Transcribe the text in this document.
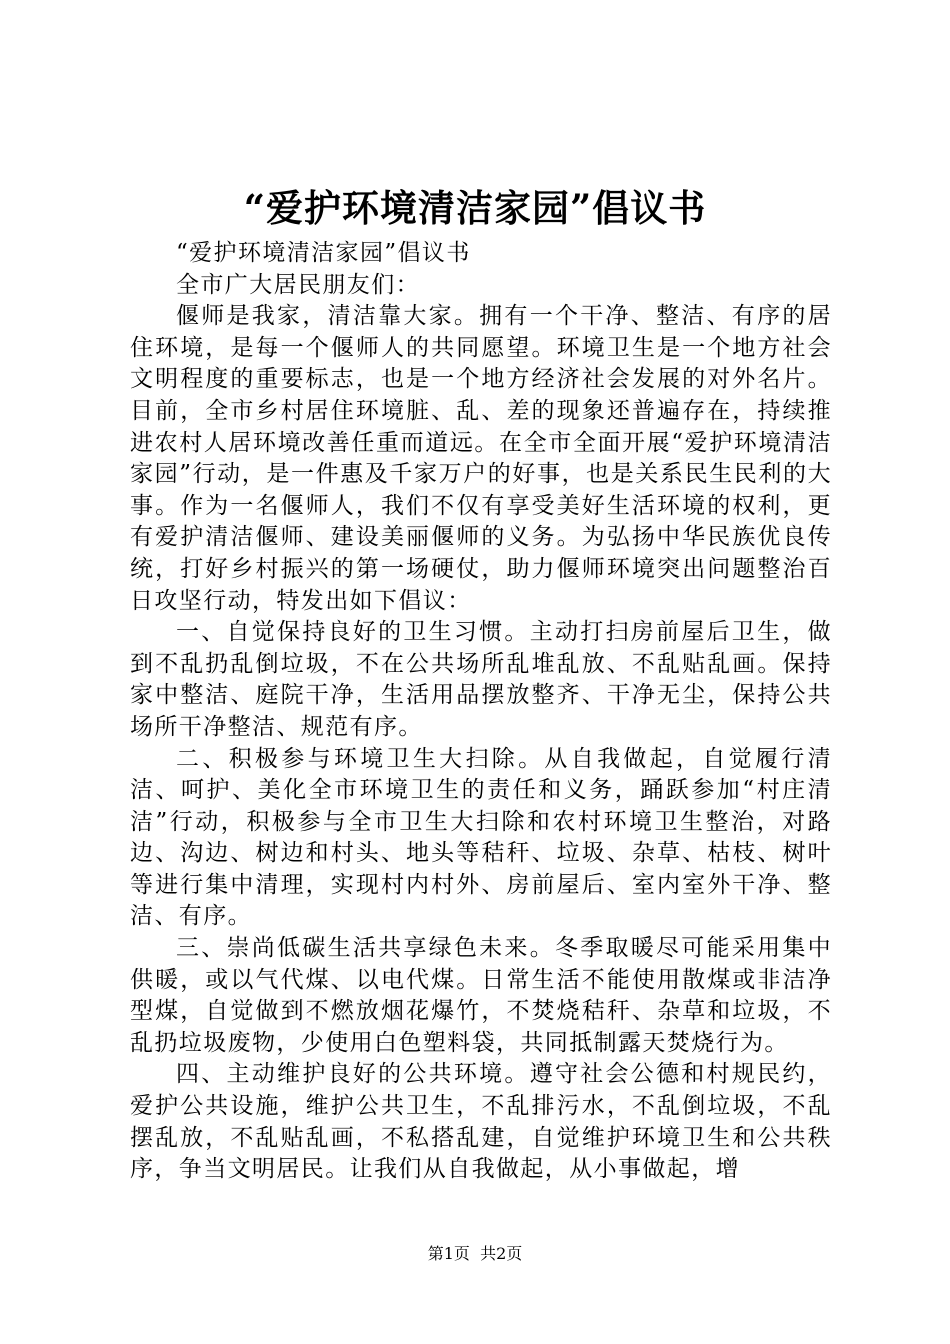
“爱护环境清洁家园”倡议书

“爱护环境清洁家园”倡议书

全市广大居民朋友们：

偃师是我家，清洁靠大家。拥有一个干净、整洁、有序的居住环境，是每一个偃师人的共同愿望。环境卫生是一个地方社会文明程度的重要标志，也是一个地方经济社会发展的对外名片。目前，全市乡村居住环境脏、乱、差的现象还普遍存在，持续推进农村人居环境改善任重而道远。在全市全面开展“爱护环境清洁家园”行动，是一件惠及千家万户的好事，也是关系民生民利的大事。作为一名偃师人，我们不仅有享受美好生活环境的权利，更有爱护清洁偃师、建设美丽偃师的义务。为弘扬中华民族优良传统，打好乡村振兴的第一场硬仗，助力偃师环境突出问题整治百日攻坚行动，特发出如下倡议：

一、自觉保持良好的卫生习惯。主动打扫房前屋后卫生，做到不乱扔乱倒垃圾，不在公共场所乱堆乱放、不乱贴乱画。保持家中整洁、庭院干净，生活用品摆放整齐、干净无尘，保持公共场所干净整洁、规范有序。

二、积极参与环境卫生大扫除。从自我做起，自觉履行清洁、呵护、美化全市环境卫生的责任和义务，踊跃参加“村庄清洁”行动，积极参与全市卫生大扫除和农村环境卫生整治，对路边、沟边、树边和村头、地头等秸秆、垃圾、杂草、枯枝、树叶等进行集中清理，实现村内村外、房前屋后、室内室外干净、整洁、有序。

三、崇尚低碳生活共享绿色未来。冬季取暖尽可能采用集中供暖，或以气代煤、以电代煤。日常生活不能使用散煤或非洁净型煤，自觉做到不燃放烟花爆竹，不焚烧秸秆、杂草和垃圾，不乱扔垃圾废物，少使用白色塑料袋，共同抵制露天焚烧行为。

四、主动维护良好的公共环境。遵守社会公德和村规民约，爱护公共设施，维护公共卫生，不乱排污水，不乱倒垃圾，不乱摆乱放，不乱贴乱画，不私搭乱建，自觉维护环境卫生和公共秩序，争当文明居民。让我们从自我做起，从小事做起，增

第1页  共2页
